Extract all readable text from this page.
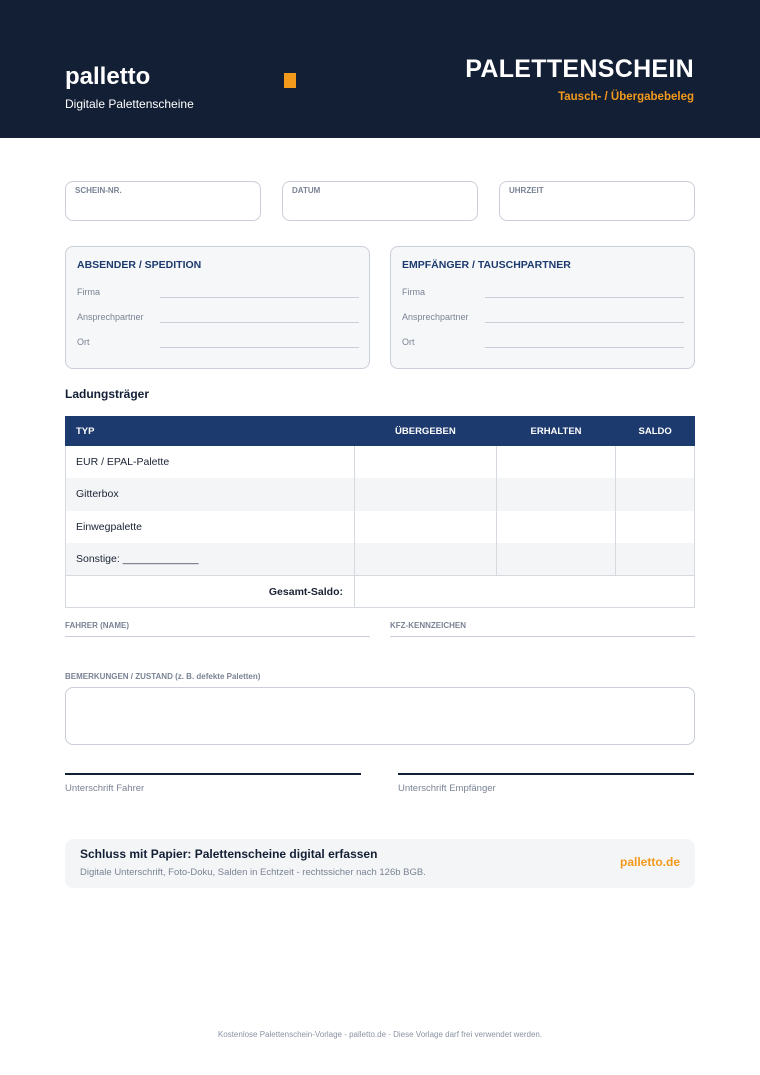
palletto
Digitale Palettenscheine
PALETTENSCHEIN
Tausch- / Übergabebeleg
SCHEIN-NR.	DATUM	UHRZEIT
ABSENDER / SPEDITION
Firma
Ansprechpartner
Ort
EMPFÄNGER / TAUSCHPARTNER
Firma
Ansprechpartner
Ort
Ladungsträger
TYP	ÜBERGEBEN	ERHALTEN	SALDO
EUR / EPAL-Palette			
Gitterbox			
Einwegpalette			
Sonstige: _____________			
Gesamt-Saldo:			
FAHRER (NAME)	KFZ-KENNZEICHEN
BEMERKUNGEN / ZUSTAND (z. B. defekte Paletten)
Unterschrift Fahrer	Unterschrift Empfänger
Schluss mit Papier: Palettenscheine digital erfassen
Digitale Unterschrift, Foto-Doku, Salden in Echtzeit - rechtssicher nach 126b BGB.
palletto.de
Kostenlose Palettenschein-Vorlage - palletto.de - Diese Vorlage darf frei verwendet werden.
